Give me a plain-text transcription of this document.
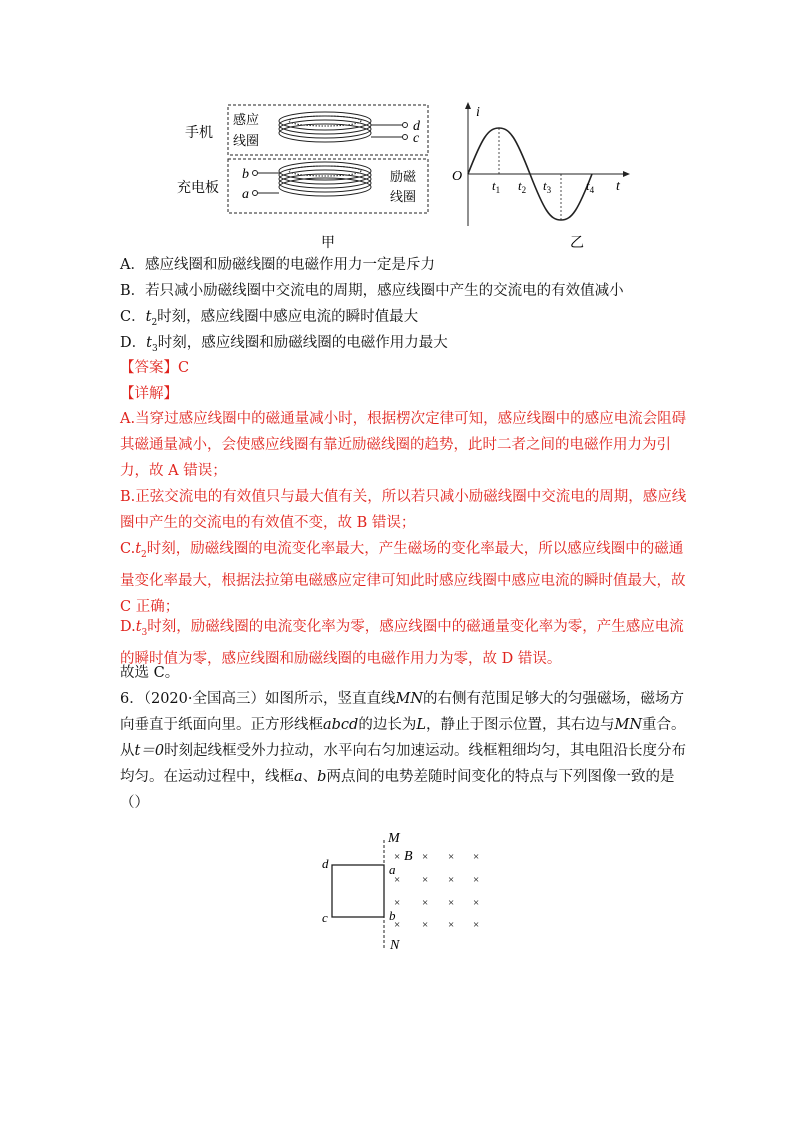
手机
充电板
感应
线圈
励磁
线圈
d
c
b
a
甲
i
O
t
$t_1$ $t_2$ $t_3$	$t_4$
乙
A．感应线圈和励磁线圈的电磁作用力一定是斥力
B．若只减小励磁线圈中交流电的周期，感应线圈中产生的交流电的有效值减小
C．$t_2$时刻，感应线圈中感应电流的瞬时值最大
D．$t_3$时刻，感应线圈和励磁线圈的电磁作用力最大
【答案】C
【详解】
A.当穿过感应线圈中的磁通量减小时，根据楞次定律可知，感应线圈中的感应电流会阻碍其磁通量减小，会使感应线圈有靠近励磁线圈的趋势，此时二者之间的电磁作用力为引力，故 A 错误；
B.正弦交流电的有效值只与最大值有关，所以若只减小励磁线圈中交流电的周期，感应线圈中产生的交流电的有效值不变，故 B 错误；
$C.t_2$时刻，励磁线圈的电流变化率最大，产生磁场的变化率最大，所以感应线圈中的磁通量变化率最大，根据法拉第电磁感应定律可知此时感应线圈中感应电流的瞬时值最大，故 C 正确；
$D.t_3$时刻，励磁线圈的电流变化率为零，感应线圈中的磁通量变化率为零，产生感应电流的瞬时值为零，感应线圈和励磁线圈的电磁作用力为零，故 D 错误。
故选 C。
6．（2020·全国高三）如图所示，竖直直线MN的右侧有范围足够大的匀强磁场，磁场方向垂直于纸面向里。正方形线框abcd的边长为L，静止于图示位置，其右边与MN重合。从t＝0时刻起线框受外力拉动，水平向右匀加速运动。线框粗细均匀，其电阻沿长度分布均匀。在运动过程中，线框a、b两点间的电势差随时间变化的特点与下列图像一致的是（）
M
N
B
d
c
a
b
×	× ×
× × × ×
× × × ×
× × × ×
×
